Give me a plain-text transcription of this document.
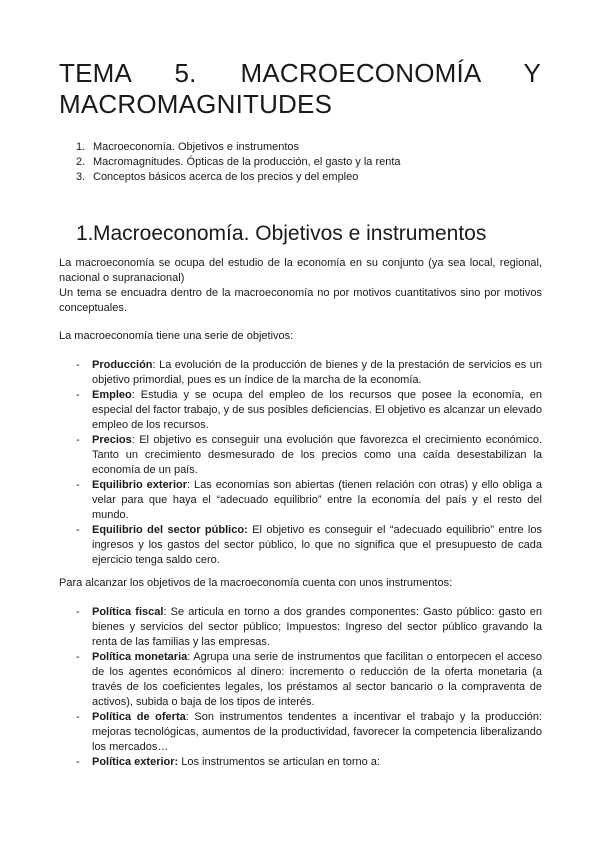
TEMA 5. MACROECONOMÍA Y
MACROMAGNITUDES
1. Macroeconomía. Objetivos e instrumentos
2. Macromagnitudes. Ópticas de la producción, el gasto y la renta
3. Conceptos básicos acerca de los precios y del empleo
1. Macroeconomía. Objetivos e instrumentos

La macroeconomía se ocupa del estudio de la economía en su conjunto (ya sea local, regional, nacional o supranacional)

Un tema se encuadra dentro de la macroeconomía no por motivos cuantitativos sino por motivos conceptuales.

La macroeconomía tiene una serie de objetivos:

-	Producción: La evolución de la producción de bienes y de la prestación de servicios es un objetivo primordial, pues es un índice de la marcha de la economía.
-	Empleo: Estudia y se ocupa del empleo de los recursos que posee la economía, en especial del factor trabajo, y de sus posibles deficiencias. El objetivo es alcanzar un elevado empleo de los recursos.
-	Precios: El objetivo es conseguir una evolución que favorezca el crecimiento económico. Tanto un crecimiento desmesurado de los precios como una caída desestabilizan la economía de un país.
-	Equilibrio exterior: Las economías son abiertas (tienen relación con otras) y ello obliga a velar para que haya el “adecuado equilibrio” entre la economía del país y el resto del mundo.
-	Equilibrio del sector público: El objetivo es conseguir el “adecuado equilibrio” entre los ingresos y los gastos del sector público, lo que no significa que el presupuesto de cada ejercicio tenga saldo cero.

Para alcanzar los objetivos de la macroeconomía cuenta con unos instrumentos:

-	Política fiscal: Se articula en torno a dos grandes componentes: Gasto público: gasto en bienes y servicios del sector público; Impuestos: Ingreso del sector público gravando la renta de las familias y las empresas.
-	Política monetaria: Agrupa una serie de instrumentos que facilitan o entorpecen el acceso de los agentes económicos al dinero: incremento o reducción de la oferta monetaria (a través de los coeficientes legales, los préstamos al sector bancario o la compraventa de activos), subida o baja de los tipos de interés.
-	Política de oferta: Son instrumentos tendentes a incentivar el trabajo y la producción: mejoras tecnológicas, aumentos de la productividad, favorecer la competencia liberalizando los mercados…
-	Política exterior: Los instrumentos se articulan en torno a:
